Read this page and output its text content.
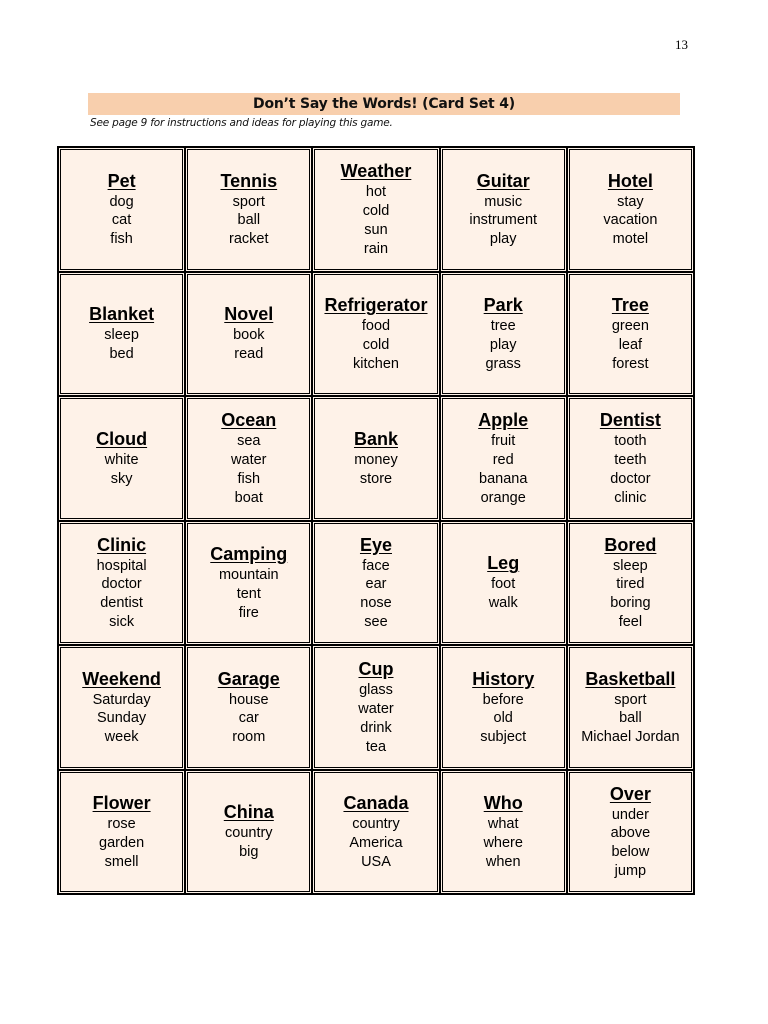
13
Don’t Say the Words! (Card Set 4)
See page 9 for instructions and ideas for playing this game.
Pet
dog
cat
fish
Tennis
sport
ball
racket
Weather
hot
cold
sun
rain
Guitar
music
instrument
play
Hotel
stay
vacation
motel
Blanket
sleep
bed
Novel
book
read
Refrigerator
food
cold
kitchen
Park
tree
play
grass
Tree
green
leaf
forest
Cloud
white
sky
Ocean
sea
water
fish
boat
Bank
money
store
Apple
fruit
red
banana
orange
Dentist
tooth
teeth
doctor
clinic
Clinic
hospital
doctor
dentist
sick
Camping
mountain
tent
fire
Eye
face
ear
nose
see
Leg
foot
walk
Bored
sleep
tired
boring
feel
Weekend
Saturday
Sunday
week
Garage
house
car
room
Cup
glass
water
drink
tea
History
before
old
subject
Basketball
sport
ball
Michael Jordan
Flower
rose
garden
smell
China
country
big
Canada
country
America
USA
Who
what
where
when
Over
under
above
below
jump
